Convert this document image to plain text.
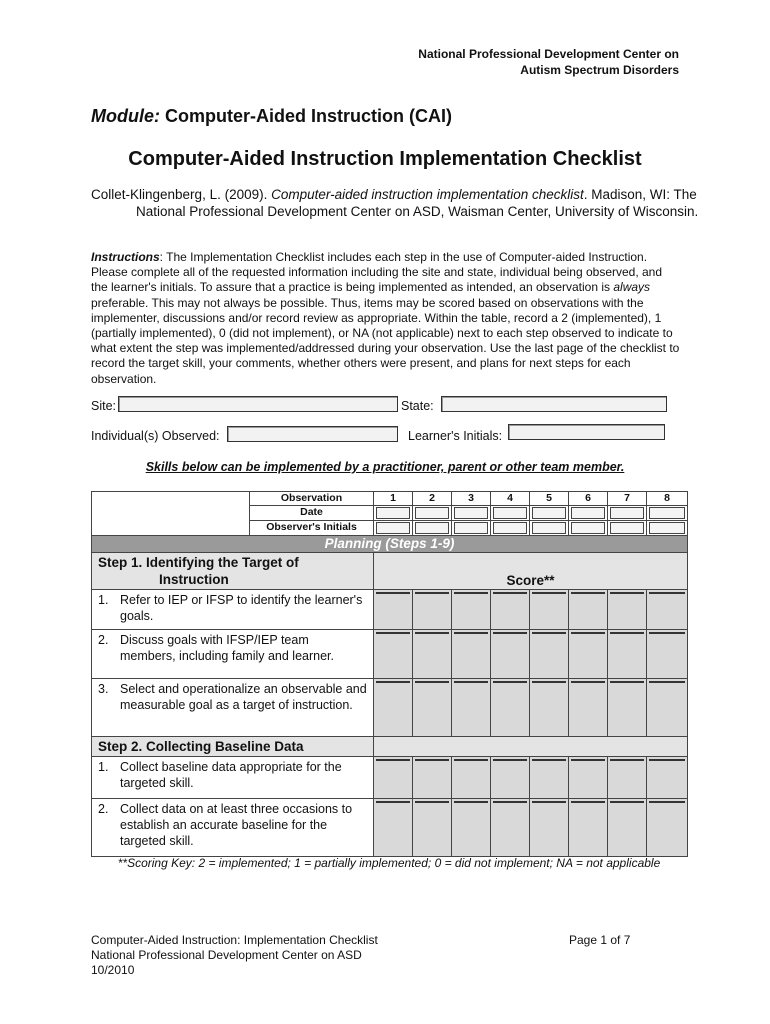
National Professional Development Center on
Autism Spectrum Disorders
Module: Computer-Aided Instruction (CAI)
Computer-Aided Instruction Implementation Checklist
Collet-Klingenberg, L. (2009). Computer-aided instruction implementation checklist. Madison, WI: The National Professional Development Center on ASD, Waisman Center, University of Wisconsin.
Instructions: The Implementation Checklist includes each step in the use of Computer-aided Instruction. Please complete all of the requested information including the site and state, individual being observed, and the learner's initials. To assure that a practice is being implemented as intended, an observation is always preferable. This may not always be possible. Thus, items may be scored based on observations with the implementer, discussions and/or record review as appropriate. Within the table, record a 2 (implemented), 1 (partially implemented), 0 (did not implement), or NA (not applicable) next to each step observed to indicate to what extent the step was implemented/addressed during your observation. Use the last page of the checklist to record the target skill, your comments, whether others were present, and plans for next steps for each observation.
Site:	State:
Individual(s) Observed:	Learner's Initials:
Skills below can be implemented by a practitioner, parent or other team member.
	Observation	1	2	3	4	5	6	7	8
	Date	

	Observer's Initials	

Planning (Steps 1-9)									

Step 1. Identifying the Target of
Instruction		Score**							

1. Refer to IEP or IFSP to identify the learner's goals.									

2. Discuss goals with IFSP/IEP team members, including family and learner.									

3. Select and operationalize an observable and measurable goal as a target of instruction.									

Step 2. Collecting Baseline Data									

1. Collect baseline data appropriate for the targeted skill.									

2. Collect data on at least three occasions to establish an accurate baseline for the targeted skill.									

**Scoring Key: 2 = implemented; 1 = partially implemented; 0 = did not implement; NA = not applicable
Computer-Aided Instruction: Implementation Checklist
National Professional Development Center on ASD
10/2010
Page 1 of 7
